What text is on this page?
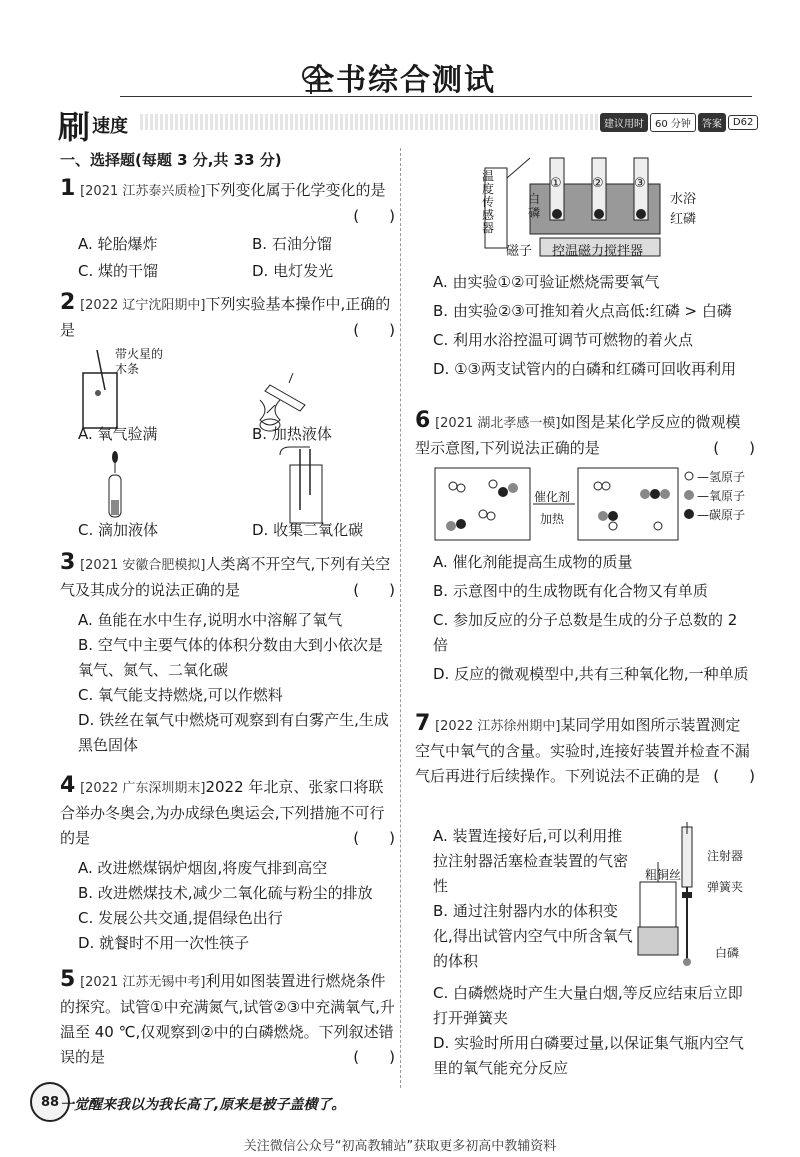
全书综合测试
刷 速度	建议用时	60 分钟	答案	D62
一、选择题(每题 3 分,共 33 分)
1 [2021 江苏泰兴质检]下列变化属于化学变化的是
(　　)
A. 轮胎爆炸	B. 石油分馏
C. 煤的干馏	D. 电灯发光
2 [2022 辽宁沈阳期中]下列实验基本操作中,正确的是	(　　)
带火星的木条
A. 氧气验满	B. 加热液体
C. 滴加液体	D. 收集二氧化碳
3 [2021 安徽合肥模拟]人类离不开空气,下列有关空气及其成分的说法正确的是	(　　)
A. 鱼能在水中生存,说明水中溶解了氧气
B. 空气中主要气体的体积分数由大到小依次是氧气、氮气、二氧化碳
C. 氧气能支持燃烧,可以作燃料
D. 铁丝在氧气中燃烧可观察到有白雾产生,生成黑色固体
4 [2022 广东深圳期末]2022 年北京、张家口将联合举办冬奥会,为办成绿色奥运会,下列措施不可行的是	(　　)
A. 改进燃煤锅炉烟囱,将废气排到高空
B. 改进燃煤技术,减少二氧化硫与粉尘的排放
C. 发展公共交通,提倡绿色出行
D. 就餐时不用一次性筷子
5 [2021 江苏无锡中考]利用如图装置进行燃烧条件的探究。试管①中充满氮气,试管②③中充满氧气,升温至 40 ℃,仅观察到②中的白磷燃烧。下列叙述错误的是	(　　)
温度传感器
白磷
① ② ③
水浴
红磷
磁子 控温磁力搅拌器
A. 由实验①②可验证燃烧需要氧气
B. 由实验②③可推知着火点高低:红磷 > 白磷
C. 利用水浴控温可调节可燃物的着火点
D. ①③两支试管内的白磷和红磷可回收再利用
6 [2021 湖北孝感一模]如图是某化学反应的微观模型示意图,下列说法正确的是	(　　)
催化剂
加热
—氢原子
—氧原子
—碳原子
A. 催化剂能提高生成物的质量
B. 示意图中的生成物既有化合物又有单质
C. 参加反应的分子总数是生成的分子总数的 2 倍
D. 反应的微观模型中,共有三种氧化物,一种单质
7 [2022 江苏徐州期中]某同学用如图所示装置测定空气中氧气的含量。实验时,连接好装置并检查不漏气后再进行后续操作。下列说法不正确的是 (　　)
注射器
粗铜丝
弹簧夹
白磷
A. 装置连接好后,可以利用推拉注射器活塞检查装置的气密性
B. 通过注射器内水的体积变化,得出试管内空气中所含氧气的体积
C. 白磷燃烧时产生大量白烟,等反应结束后立即打开弹簧夹
D. 实验时所用白磷要过量,以保证集气瓶内空气里的氧气能充分反应
88 一觉醒来我以为我长高了,原来是被子盖横了。
关注微信公众号“初高教辅站”获取更多初高中教辅资料
